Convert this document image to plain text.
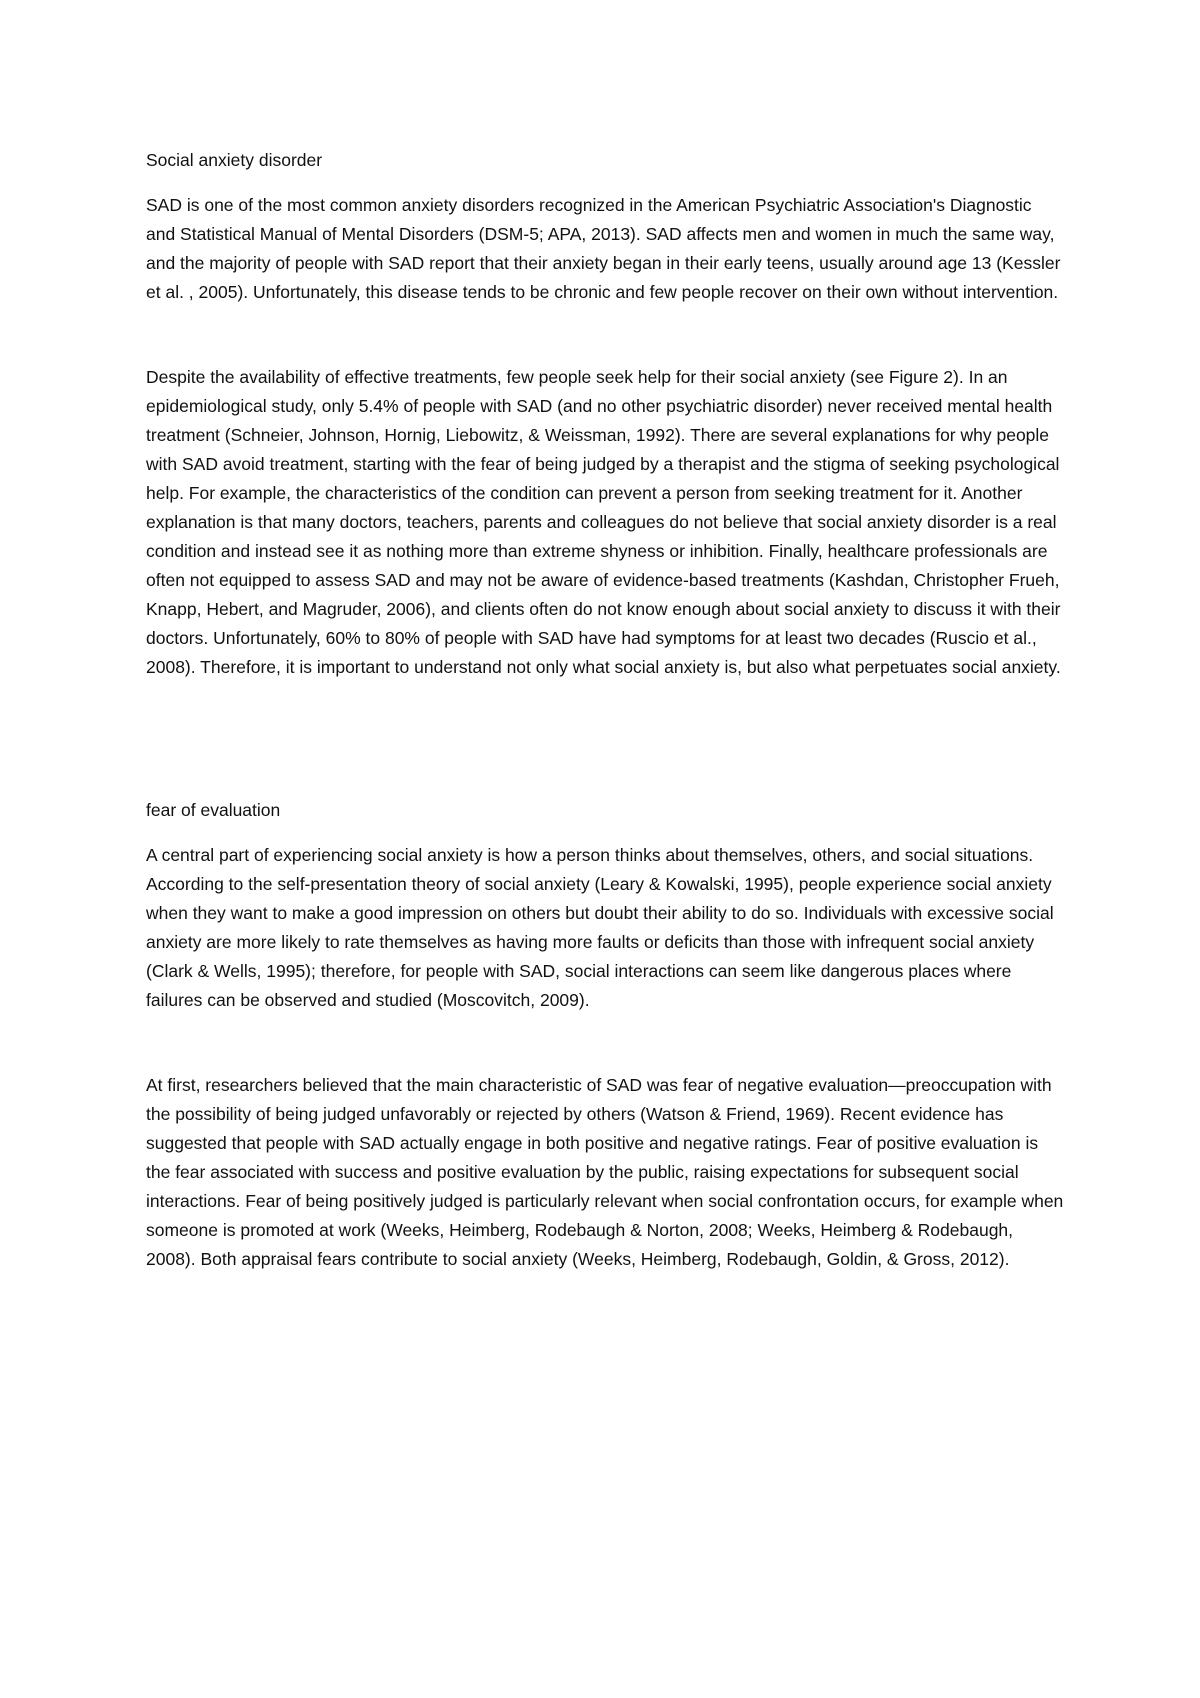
Social anxiety disorder

SAD is one of the most common anxiety disorders recognized in the American Psychiatric Association's Diagnostic and Statistical Manual of Mental Disorders (DSM-5; APA, 2013). SAD affects men and women in much the same way, and the majority of people with SAD report that their anxiety began in their early teens, usually around age 13 (Kessler et al. , 2005). Unfortunately, this disease tends to be chronic and few people recover on their own without intervention.

Despite the availability of effective treatments, few people seek help for their social anxiety (see Figure 2). In an epidemiological study, only 5.4% of people with SAD (and no other psychiatric disorder) never received mental health treatment (Schneier, Johnson, Hornig, Liebowitz, & Weissman, 1992). There are several explanations for why people with SAD avoid treatment, starting with the fear of being judged by a therapist and the stigma of seeking psychological help. For example, the characteristics of the condition can prevent a person from seeking treatment for it. Another explanation is that many doctors, teachers, parents and colleagues do not believe that social anxiety disorder is a real condition and instead see it as nothing more than extreme shyness or inhibition. Finally, healthcare professionals are often not equipped to assess SAD and may not be aware of evidence-based treatments (Kashdan, Christopher Frueh, Knapp, Hebert, and Magruder, 2006), and clients often do not know enough about social anxiety to discuss it with their doctors. Unfortunately, 60% to 80% of people with SAD have had symptoms for at least two decades (Ruscio et al., 2008). Therefore, it is important to understand not only what social anxiety is, but also what perpetuates social anxiety.

fear of evaluation

A central part of experiencing social anxiety is how a person thinks about themselves, others, and social situations. According to the self-presentation theory of social anxiety (Leary & Kowalski, 1995), people experience social anxiety when they want to make a good impression on others but doubt their ability to do so. Individuals with excessive social anxiety are more likely to rate themselves as having more faults or deficits than those with infrequent social anxiety (Clark & Wells, 1995); therefore, for people with SAD, social interactions can seem like dangerous places where failures can be observed and studied (Moscovitch, 2009).

At first, researchers believed that the main characteristic of SAD was fear of negative evaluation—preoccupation with the possibility of being judged unfavorably or rejected by others (Watson & Friend, 1969). Recent evidence has suggested that people with SAD actually engage in both positive and negative ratings. Fear of positive evaluation is the fear associated with success and positive evaluation by the public, raising expectations for subsequent social interactions. Fear of being positively judged is particularly relevant when social confrontation occurs, for example when someone is promoted at work (Weeks, Heimberg, Rodebaugh & Norton, 2008; Weeks, Heimberg & Rodebaugh, 2008). Both appraisal fears contribute to social anxiety (Weeks, Heimberg, Rodebaugh, Goldin, & Gross, 2012).
